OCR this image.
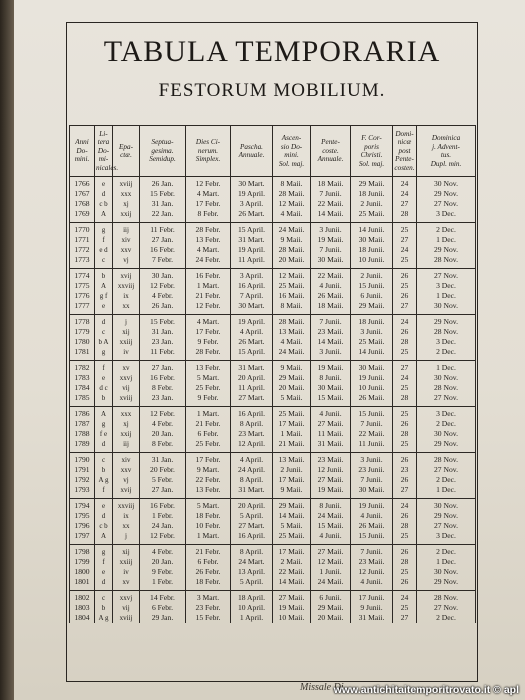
TABULA TEMPORARIA
FESTORUM MOBILIUM.
Anni
Do-
mini.	Li-
tera
Do-
mi-
nicales.	Epa-
ctæ.	Septua-
gesima.
Semidup.	Dies Ci-
nerum.
Simplex.	Pascha.
Annuale.	Ascen-
sio Do-
mini.
Sol. maj.	Pente-
coste.
Annuale.	F. Cor-
poris
Christi.
Sol. maj.	Domi-
nicæ
post
Pente-
costen.	Dominica
j. Advent-
tus.
Dupl. min.
1766	e	xviij	26 Jan.	12 Febr.	30 Mart.	8 Maii.	18 Maii.	29 Maii.	24	30 Nov.
1767	d	xxx	15 Febr.	4 Mart.	19 April.	28 Maii.	7 Junii.	18 Junii.	24	29 Nov.
1768	c b	xj	31 Jan.	17 Febr.	3 April.	12 Maii.	22 Maii.	2 Junii.	27	27 Nov.
1769	A	xxij	22 Jan.	8 Febr.	26 Mart.	4 Maii.	14 Maii.	25 Maii.	28	3 Dec.
1770	g	iij	11 Febr.	28 Febr.	15 April.	24 Maii.	3 Junii.	14 Junii.	25	2 Dec.
1771	f	xiv	27 Jan.	13 Febr.	31 Mart.	9 Maii.	19 Maii.	30 Maii.	27	1 Dec.
1772	e d	xxv	16 Febr.	4 Mart.	19 April.	28 Maii.	7 Junii.	18 Junii.	24	29 Nov.
1773	c	vj	7 Febr.	24 Febr.	11 April.	20 Maii.	30 Maii.	10 Junii.	25	28 Nov.
1774	b	xvij	30 Jan.	16 Febr.	3 April.	12 Maii.	22 Maii.	2 Junii.	26	27 Nov.
1775	A	xxviij	12 Febr.	1 Mart.	16 April.	25 Maii.	4 Junii.	15 Junii.	25	3 Dec.
1776	g f	ix	4 Febr.	21 Febr.	7 April.	16 Maii.	26 Maii.	6 Junii.	26	1 Dec.
1777	e	xx	26 Jan.	12 Febr.	30 Mart.	8 Maii.	18 Maii.	29 Maii.	27	30 Nov.
1778	d	j	15 Febr.	4 Mart.	19 April.	28 Maii.	7 Junii.	18 Junii.	24	29 Nov.
1779	c	xij	31 Jan.	17 Febr.	4 April.	13 Maii.	23 Maii.	3 Junii.	26	28 Nov.
1780	b A	xxiij	23 Jan.	9 Febr.	26 Mart.	4 Maii.	14 Maii.	25 Maii.	28	3 Dec.
1781	g	iv	11 Febr.	28 Febr.	15 April.	24 Maii.	3 Junii.	14 Junii.	25	2 Dec.
1782	f	xv	27 Jan.	13 Febr.	31 Mart.	9 Maii.	19 Maii.	30 Maii.	27	1 Dec.
1783	e	xxvj	16 Febr.	5 Mart.	20 April.	29 Maii.	8 Junii.	19 Junii.	24	30 Nov.
1784	d c	vij	8 Febr.	25 Febr.	11 April.	20 Maii.	30 Maii.	10 Junii.	25	28 Nov.
1785	b	xviij	23 Jan.	9 Febr.	27 Mart.	5 Maii.	15 Maii.	26 Maii.	28	27 Nov.
1786	A	xxx	12 Febr.	1 Mart.	16 April.	25 Maii.	4 Junii.	15 Junii.	25	3 Dec.
1787	g	xj	4 Febr.	21 Febr.	8 April.	17 Maii.	27 Maii.	7 Junii.	26	2 Dec.
1788	f e	xxij	20 Jan.	6 Febr.	23 Mart.	1 Maii.	11 Maii.	22 Maii.	28	30 Nov.
1789	d	iij	8 Febr.	25 Febr.	12 April.	21 Maii.	31 Maii.	11 Junii.	25	29 Nov.
1790	c	xiv	31 Jan.	17 Febr.	4 April.	13 Maii.	23 Maii.	3 Junii.	26	28 Nov.
1791	b	xxv	20 Febr.	9 Mart.	24 April.	2 Junii.	12 Junii.	23 Junii.	23	27 Nov.
1792	A g	vj	5 Febr.	22 Febr.	8 April.	17 Maii.	27 Maii.	7 Junii.	26	2 Dec.
1793	f	xvij	27 Jan.	13 Febr.	31 Mart.	9 Maii.	19 Maii.	30 Maii.	27	1 Dec.
1794	e	xxviij	16 Febr.	5 Mart.	20 April.	29 Maii.	8 Junii.	19 Junii.	24	30 Nov.
1795	d	ix	1 Febr.	18 Febr.	5 April.	14 Maii.	24 Maii.	4 Junii.	26	29 Nov.
1796	c b	xx	24 Jan.	10 Febr.	27 Mart.	5 Maii.	15 Maii.	26 Maii.	28	27 Nov.
1797	A	j	12 Febr.	1 Mart.	16 April.	25 Maii.	4 Junii.	15 Junii.	25	3 Dec.
1798	g	xij	4 Febr.	21 Febr.	8 April.	17 Maii.	27 Maii.	7 Junii.	26	2 Dec.
1799	f	xxiij	20 Jan.	6 Febr.	24 Mart.	2 Maii.	12 Maii.	23 Maii.	28	1 Dec.
1800	e	iv	9 Febr.	26 Febr.	13 April.	22 Maii.	1 Junii.	12 Junii.	25	30 Nov.
1801	d	xv	1 Febr.	18 Febr.	5 April.	14 Maii.	24 Maii.	4 Junii.	26	29 Nov.
1802	c	xxvj	14 Febr.	3 Mart.	18 April.	27 Maii.	6 Junii.	17 Junii.	24	28 Nov.
1803	b	vij	6 Febr.	23 Febr.	10 April.	19 Maii.	29 Maii.	9 Junii.	25	27 Nov.
1804	A g	xviij	29 Jan.	15 Febr.	1 April.	10 Maii.	20 Maii.	31 Maii.	27	2 Dec.
Missale Di...
www.antichitaitemporitrovato.it © apl
